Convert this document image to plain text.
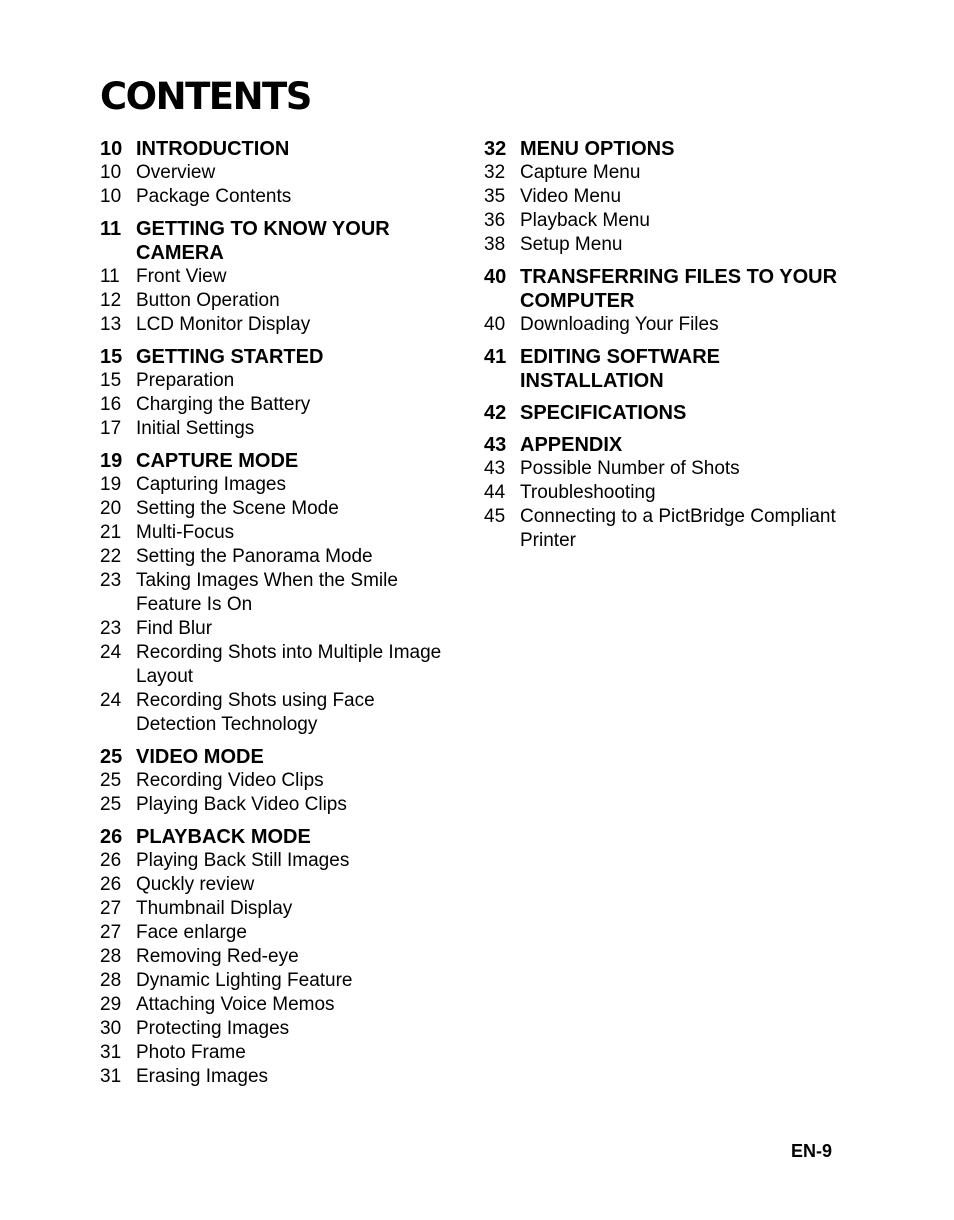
CONTENTS
10 INTRODUCTION
10 Overview
10 Package Contents
11 GETTING TO KNOW YOUR CAMERA
11 Front View
12 Button Operation
13 LCD Monitor Display
15 GETTING STARTED
15 Preparation
16 Charging the Battery
17 Initial Settings
19 CAPTURE MODE
19 Capturing Images
20 Setting the Scene Mode
21 Multi-Focus
22 Setting the Panorama Mode
23 Taking Images When the Smile Feature Is On
23 Find Blur
24 Recording Shots into Multiple Image Layout
24 Recording Shots using Face Detection Technology
25 VIDEO MODE
25 Recording Video Clips
25 Playing Back Video Clips
26 PLAYBACK MODE
26 Playing Back Still Images
26 Quckly review
27 Thumbnail Display
27 Face enlarge
28 Removing Red-eye
28 Dynamic Lighting Feature
29 Attaching Voice Memos
30 Protecting Images
31 Photo Frame
31 Erasing Images
32 MENU OPTIONS
32 Capture Menu
35 Video Menu
36 Playback Menu
38 Setup Menu
40 TRANSFERRING FILES TO YOUR COMPUTER
40 Downloading Your Files
41 EDITING SOFTWARE INSTALLATION
42 SPECIFICATIONS
43 APPENDIX
43 Possible Number of Shots
44 Troubleshooting
45 Connecting to a PictBridge Compliant Printer
EN-9
